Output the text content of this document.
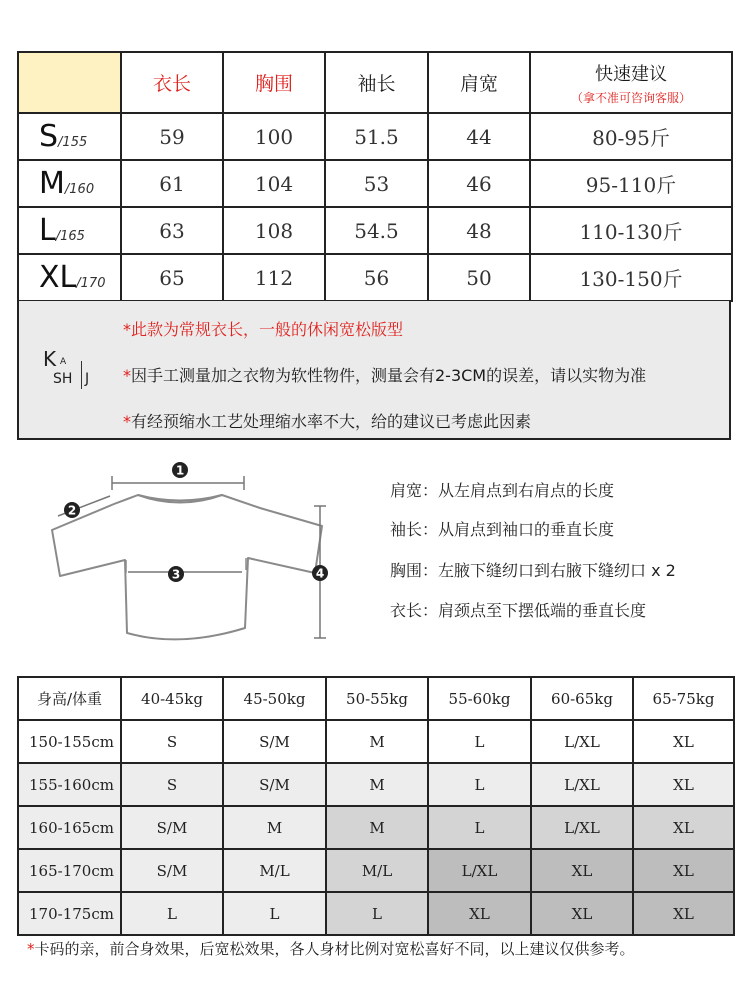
	衣长	胸围	袖长	肩宽	快速建议
（拿不准可咨询客服）

S/155	59	100	51.5	44	80-95斤
M/160	61	104	53	46	95-110斤
L/165	63	108	54.5	48	110-130斤
XL/170	65	112	56	50	130-150斤
K A
SH J
*此款为常规衣长，一般的休闲宽松版型
*因手工测量加之衣物为软性物件，测量会有2-3CM的误差，请以实物为准
*有经预缩水工艺处理缩水率不大，给的建议已考虑此因素
1
2
3	4
肩宽：从左肩点到右肩点的长度
袖长：从肩点到袖口的垂直长度
胸围：左腋下缝纫口到右腋下缝纫口 x 2
衣长：肩颈点至下摆低端的垂直长度
身高/体重	40-45kg	45-50kg	50-55kg	55-60kg	60-65kg	65-75kg
150-155cm	S	S/M	M	L	L/XL	XL
155-160cm	S	S/M	M	L	L/XL	XL
160-165cm	S/M	M	M	L	L/XL	XL
165-170cm	S/M	M/L	M/L	L/XL	XL	XL
170-175cm	L	L	L	XL	XL	XL
*卡码的亲，前合身效果，后宽松效果，各人身材比例对宽松喜好不同，以上建议仅供参考。
